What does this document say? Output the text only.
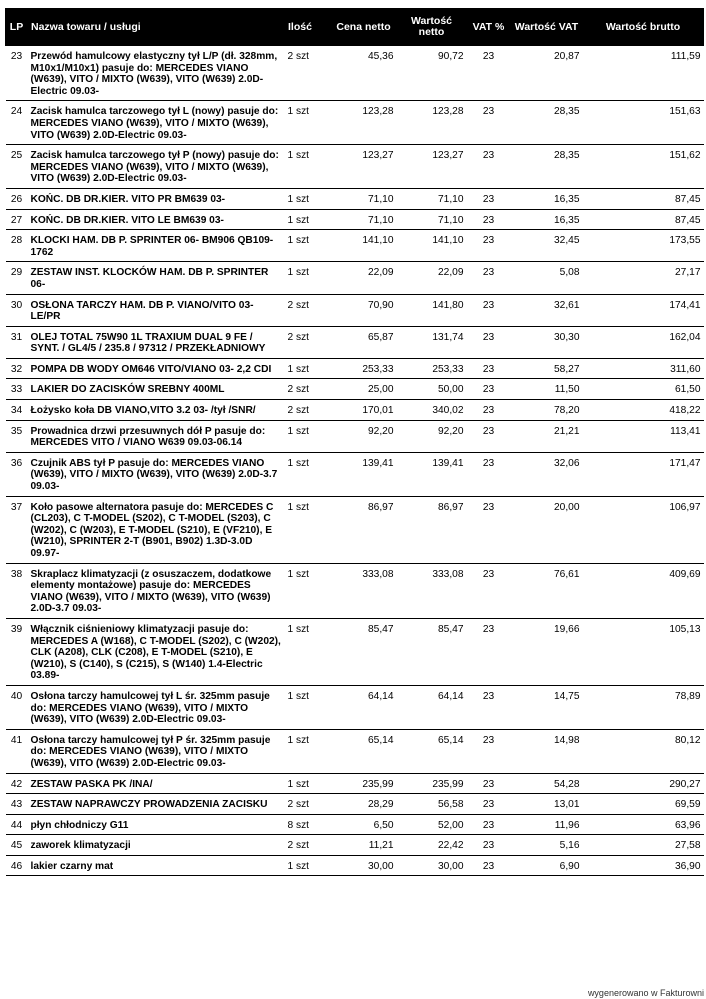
LP	Nazwa towaru / usługi	Ilość	Cena netto	Wartość netto	VAT %	Wartość VAT	Wartość brutto
23	Przewód hamulcowy elastyczny tył L/P (dł. 328mm, M10x1/M10x1) pasuje do: MERCEDES VIANO (W639), VITO / MIXTO (W639), VITO (W639) 2.0D-Electric 09.03-	2 szt	45,36	90,72	23	20,87	111,59
24	Zacisk hamulca tarczowego tył L (nowy) pasuje do: MERCEDES VIANO (W639), VITO / MIXTO (W639), VITO (W639) 2.0D-Electric 09.03-	1 szt	123,28	123,28	23	28,35	151,63
25	Zacisk hamulca tarczowego tył P (nowy) pasuje do: MERCEDES VIANO (W639), VITO / MIXTO (W639), VITO (W639) 2.0D-Electric 09.03-	1 szt	123,27	123,27	23	28,35	151,62
26	KOŃC. DB DR.KIER. VITO PR BM639 03-	1 szt	71,10	71,10	23	16,35	87,45
27	KOŃC. DB DR.KIER. VITO LE BM639 03-	1 szt	71,10	71,10	23	16,35	87,45
28	KLOCKI HAM. DB P. SPRINTER 06- BM906 QB109-1762	1 szt	141,10	141,10	23	32,45	173,55
29	ZESTAW INST. KLOCKÓW HAM. DB P. SPRINTER 06-	1 szt	22,09	22,09	23	5,08	27,17
30	OSŁONA TARCZY HAM. DB P. VIANO/VITO 03- LE/PR	2 szt	70,90	141,80	23	32,61	174,41
31	OLEJ TOTAL 75W90 1L TRAXIUM DUAL 9 FE / SYNT. / GL4/5 / 235.8 / 97312 / PRZEKŁADNIOWY	2 szt	65,87	131,74	23	30,30	162,04
32	POMPA DB WODY OM646 VITO/VIANO 03- 2,2 CDI	1 szt	253,33	253,33	23	58,27	311,60
33	LAKIER DO ZACISKÓW SREBNY 400ML	2 szt	25,00	50,00	23	11,50	61,50
34	Łożysko koła DB VIANO,VITO 3.2 03- /tył /SNR/	2 szt	170,01	340,02	23	78,20	418,22
35	Prowadnica drzwi przesuwnych dół P pasuje do: MERCEDES VITO / VIANO W639 09.03-06.14	1 szt	92,20	92,20	23	21,21	113,41
36	Czujnik ABS tył P pasuje do: MERCEDES VIANO (W639), VITO / MIXTO (W639), VITO (W639) 2.0D-3.7 09.03-	1 szt	139,41	139,41	23	32,06	171,47
37	Koło pasowe alternatora pasuje do: MERCEDES C (CL203), C T-MODEL (S202), C T-MODEL (S203), C (W202), C (W203), E T-MODEL (S210), E (VF210), E (W210), SPRINTER 2-T (B901, B902) 1.3D-3.0D 09.97-	1 szt	86,97	86,97	23	20,00	106,97
38	Skraplacz klimatyzacji (z osuszaczem, dodatkowe elementy montażowe) pasuje do: MERCEDES VIANO (W639), VITO / MIXTO (W639), VITO (W639) 2.0D-3.7 09.03-	1 szt	333,08	333,08	23	76,61	409,69
39	Włącznik ciśnieniowy klimatyzacji pasuje do: MERCEDES A (W168), C T-MODEL (S202), C (W202), CLK (A208), CLK (C208), E T-MODEL (S210), E (W210), S (C140), S (C215), S (W140) 1.4-Electric 03.89-	1 szt	85,47	85,47	23	19,66	105,13
40	Osłona tarczy hamulcowej tył L śr. 325mm pasuje do: MERCEDES VIANO (W639), VITO / MIXTO (W639), VITO (W639) 2.0D-Electric 09.03-	1 szt	64,14	64,14	23	14,75	78,89
41	Osłona tarczy hamulcowej tył P śr. 325mm pasuje do: MERCEDES VIANO (W639), VITO / MIXTO (W639), VITO (W639) 2.0D-Electric 09.03-	1 szt	65,14	65,14	23	14,98	80,12
42	ZESTAW PASKA PK /INA/	1 szt	235,99	235,99	23	54,28	290,27
43	ZESTAW NAPRAWCZY PROWADZENIA ZACISKU	2 szt	28,29	56,58	23	13,01	69,59
44	płyn chłodniczy G11	8 szt	6,50	52,00	23	11,96	63,96
45	zaworek klimatyzacji	2 szt	11,21	22,42	23	5,16	27,58
46	lakier czarny mat	1 szt	30,00	30,00	23	6,90	36,90
wygenerowano w Fakturowni
